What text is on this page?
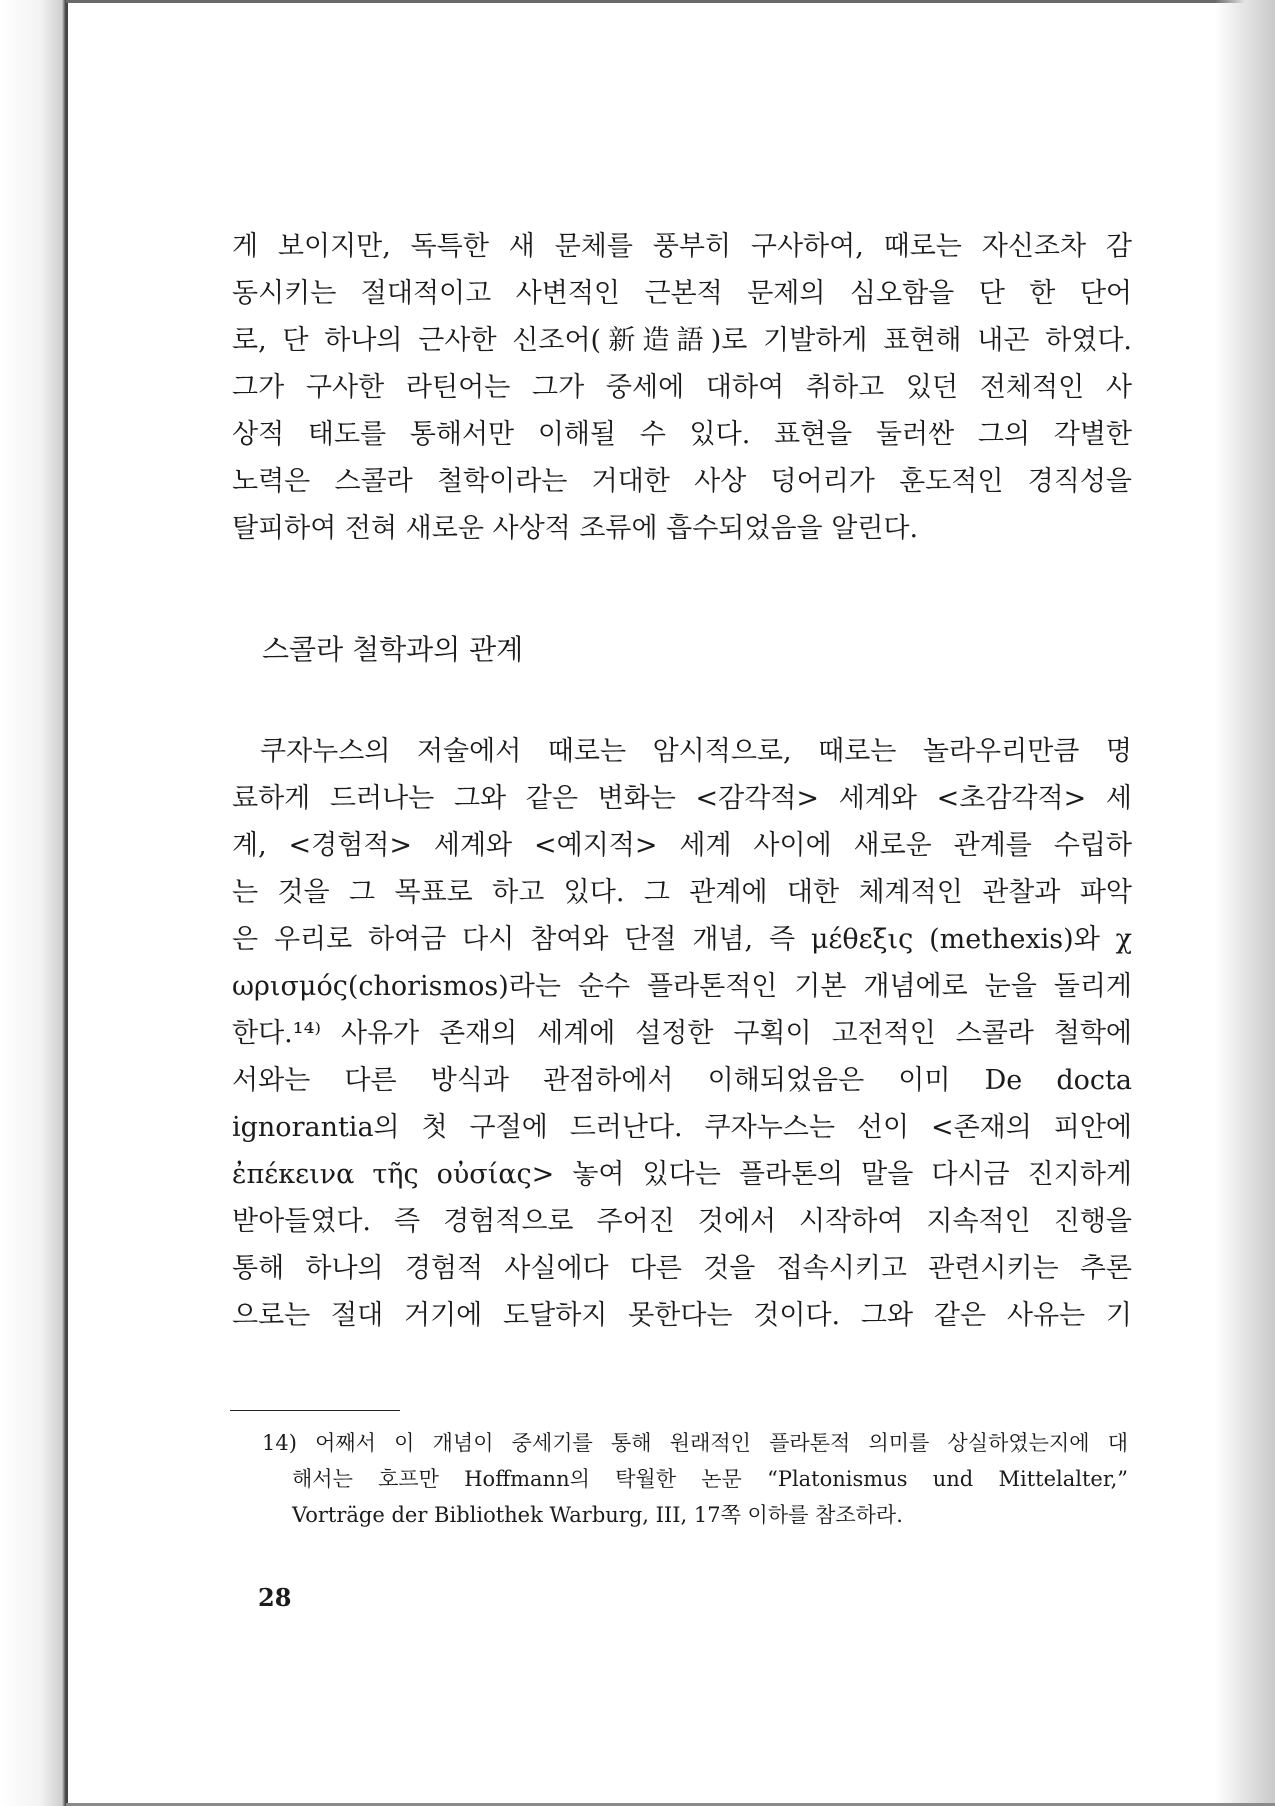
게 보이지만, 독특한 새 문체를 풍부히 구사하여, 때로는 자신조차 감
동시키는 절대적이고 사변적인 근본적 문제의 심오함을 단 한 단어
로, 단 하나의 근사한 신조어(新造語)로 기발하게 표현해 내곤 하였다.
그가 구사한 라틴어는 그가 중세에 대하여 취하고 있던 전체적인 사
상적 태도를 통해서만 이해될 수 있다. 표현을 둘러싼 그의 각별한
노력은 스콜라 철학이라는 거대한 사상 덩어리가 훈도적인 경직성을
탈피하여 전혀 새로운 사상적 조류에 흡수되었음을 알린다.
스콜라 철학과의 관계
쿠자누스의 저술에서 때로는 암시적으로, 때로는 놀라우리만큼 명
료하게 드러나는 그와 같은 변화는 <감각적> 세계와 <초감각적> 세
계, <경험적> 세계와 <예지적> 세계 사이에 새로운 관계를 수립하
는 것을 그 목표로 하고 있다. 그 관계에 대한 체계적인 관찰과 파악
은 우리로 하여금 다시 참여와 단절 개념, 즉 μέθεξις (methexis)와 χ
ωρισμός(chorismos)라는 순수 플라톤적인 기본 개념에로 눈을 돌리게
한다.¹⁴⁾ 사유가 존재의 세계에 설정한 구획이 고전적인 스콜라 철학에
서와는 다른 방식과 관점하에서 이해되었음은 이미 De docta
ignorantia의 첫 구절에 드러난다. 쿠자누스는 선이 <존재의 피안에
ἐπέκεινα τῆς οὐσίας> 놓여 있다는 플라톤의 말을 다시금 진지하게
받아들였다. 즉 경험적으로 주어진 것에서 시작하여 지속적인 진행을
통해 하나의 경험적 사실에다 다른 것을 접속시키고 관련시키는 추론
으로는 절대 거기에 도달하지 못한다는 것이다. 그와 같은 사유는 기
14) 어째서 이 개념이 중세기를 통해 원래적인 플라톤적 의미를 상실하였는지에 대
해서는 호프만 Hoffmann의 탁월한 논문 “Platonismus und Mittelalter,”
Vorträge der Bibliothek Warburg, III, 17쪽 이하를 참조하라.
28
